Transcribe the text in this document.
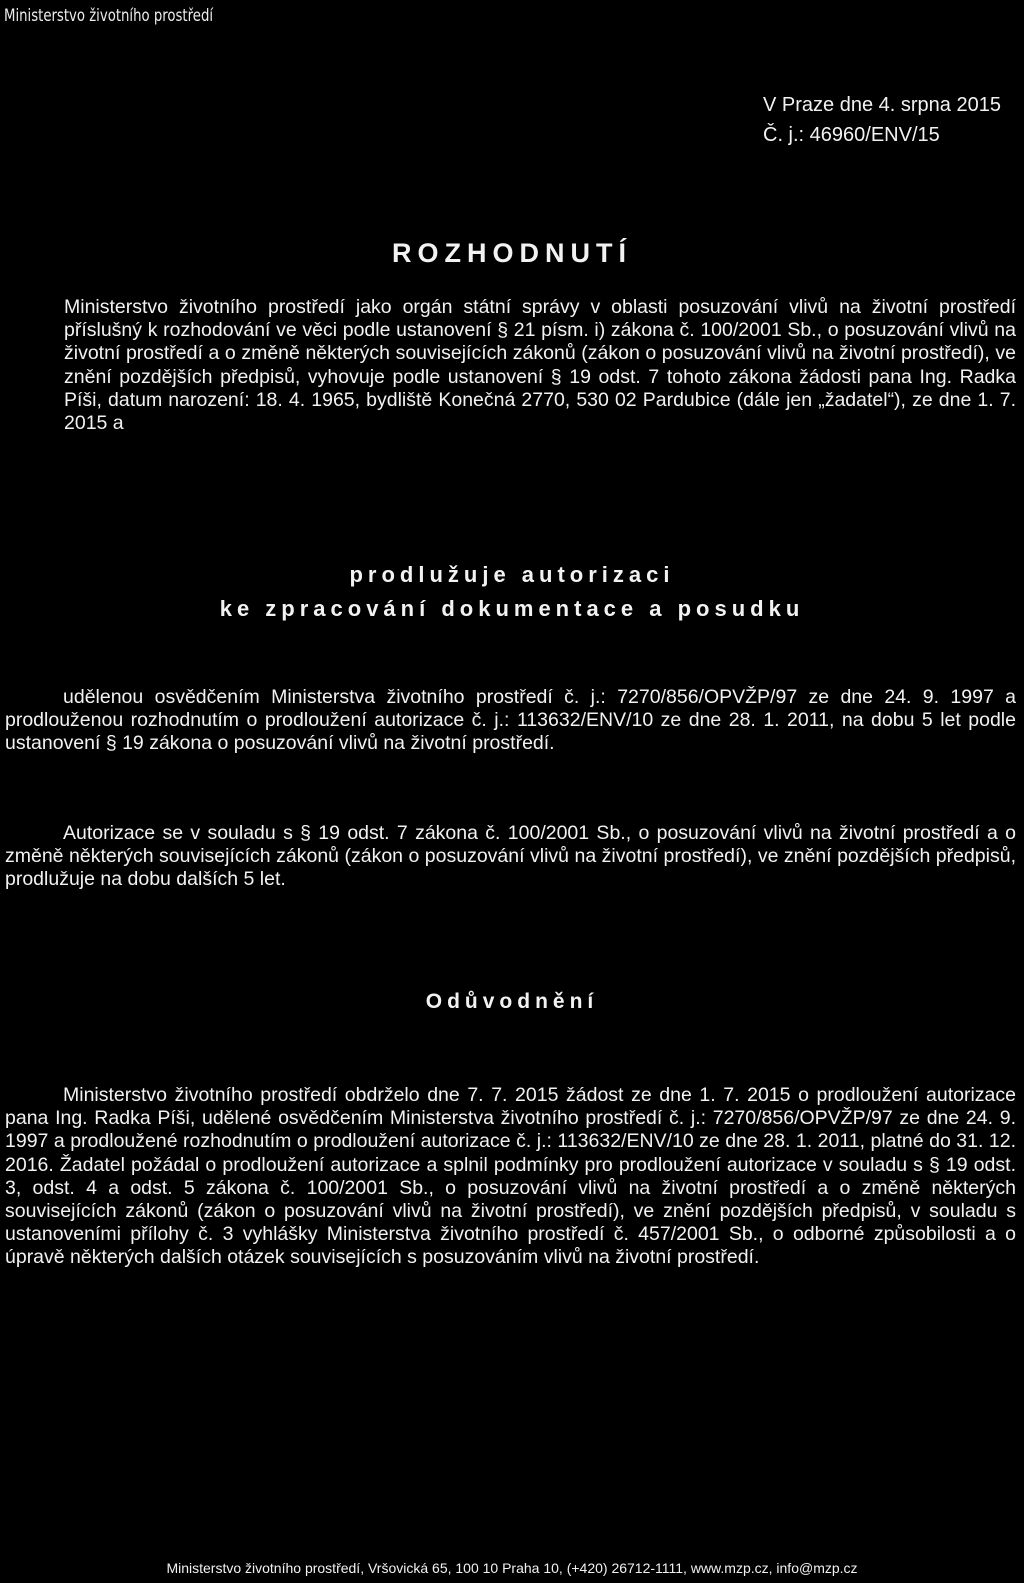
Ministerstvo životního prostředí
V Praze dne 4. srpna 2015
Č. j.: 46960/ENV/15
ROZHODNUTÍ
Ministerstvo životního prostředí jako orgán státní správy v oblasti posuzování vlivů na životní prostředí příslušný k rozhodování ve věci podle ustanovení § 21 písm. i) zákona č. 100/2001 Sb., o posuzování vlivů na životní prostředí a o změně některých souvisejících zákonů (zákon o posuzování vlivů na životní prostředí), ve znění pozdějších předpisů, vyhovuje podle ustanovení § 19 odst. 7 tohoto zákona žádosti pana Ing. Radka Píši, datum narození: 18. 4. 1965, bydliště Konečná 2770, 530 02 Pardubice (dále jen „žadatel“), ze dne 1. 7. 2015 a
prodlužuje autorizaci
ke zpracování dokumentace a posudku
udělenou osvědčením Ministerstva životního prostředí č. j.: 7270/856/OPVŽP/97 ze dne 24. 9. 1997 a prodlouženou rozhodnutím o prodloužení autorizace č. j.: 113632/ENV/10 ze dne 28. 1. 2011, na dobu 5 let podle ustanovení § 19 zákona o posuzování vlivů na životní prostředí.
Autorizace se v souladu s § 19 odst. 7 zákona č. 100/2001 Sb., o posuzování vlivů na životní prostředí a o změně některých souvisejících zákonů (zákon o posuzování vlivů na životní prostředí), ve znění pozdějších předpisů, prodlužuje na dobu dalších 5 let.
Odůvodnění
Ministerstvo životního prostředí obdrželo dne 7. 7. 2015 žádost ze dne 1. 7. 2015 o prodloužení autorizace pana Ing. Radka Píši, udělené osvědčením Ministerstva životního prostředí č. j.: 7270/856/OPVŽP/97 ze dne 24. 9. 1997 a prodloužené rozhodnutím o prodloužení autorizace č. j.: 113632/ENV/10 ze dne 28. 1. 2011, platné do 31. 12. 2016. Žadatel požádal o prodloužení autorizace a splnil podmínky pro prodloužení autorizace v souladu s § 19 odst. 3, odst. 4 a odst. 5 zákona č. 100/2001 Sb., o posuzování vlivů na životní prostředí a o změně některých souvisejících zákonů (zákon o posuzování vlivů na životní prostředí), ve znění pozdějších předpisů, v souladu s ustanoveními přílohy č. 3 vyhlášky Ministerstva životního prostředí č. 457/2001 Sb., o odborné způsobilosti a o úpravě některých dalších otázek souvisejících s posuzováním vlivů na životní prostředí.
Ministerstvo životního prostředí, Vršovická 65, 100 10 Praha 10, (+420) 26712-1111, www.mzp.cz, info@mzp.cz
